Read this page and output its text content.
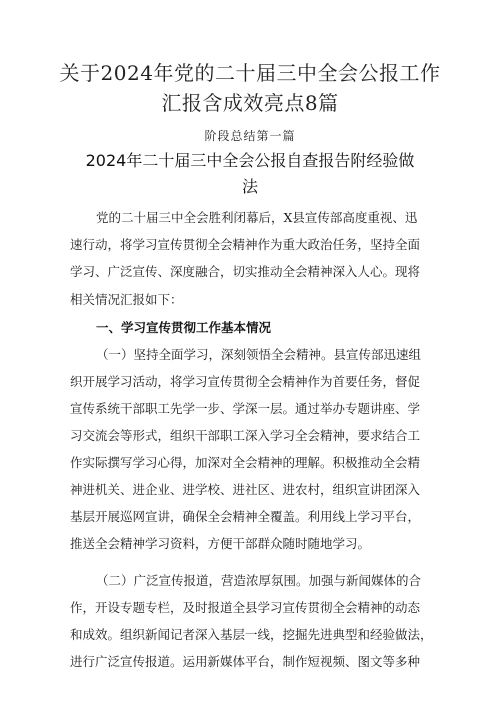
关于2024年党的二十届三中全会公报工作
汇报含成效亮点8篇
阶段总结第一篇
2024年二十届三中全会公报自查报告附经验做
法
党的二十届三中全会胜利闭幕后，X县宣传部高度重视、迅
速行动，将学习宣传贯彻全会精神作为重大政治任务，坚持全面
学习、广泛宣传、深度融合，切实推动全会精神深入人心。现将
相关情况汇报如下：
一、学习宣传贯彻工作基本情况
（一）坚持全面学习，深刻领悟全会精神。县宣传部迅速组
织开展学习活动，将学习宣传贯彻全会精神作为首要任务，督促
宣传系统干部职工先学一步、学深一层。通过举办专题讲座、学
习交流会等形式，组织干部职工深入学习全会精神，要求结合工
作实际撰写学习心得，加深对全会精神的理解。积极推动全会精
神进机关、进企业、进学校、进社区、进农村，组织宣讲团深入
基层开展巡网宣讲，确保全会精神全覆盖。利用线上学习平台，
推送全会精神学习资料，方便干部群众随时随地学习。
（二）广泛宣传报道，营造浓厚氛围。加强与新闻媒体的合
作，开设专题专栏，及时报道全县学习宣传贯彻全会精神的动态
和成效。组织新闻记者深入基层一线，挖掘先进典型和经验做法，
进行广泛宣传报道。运用新媒体平台，制作短视频、图文等多种
